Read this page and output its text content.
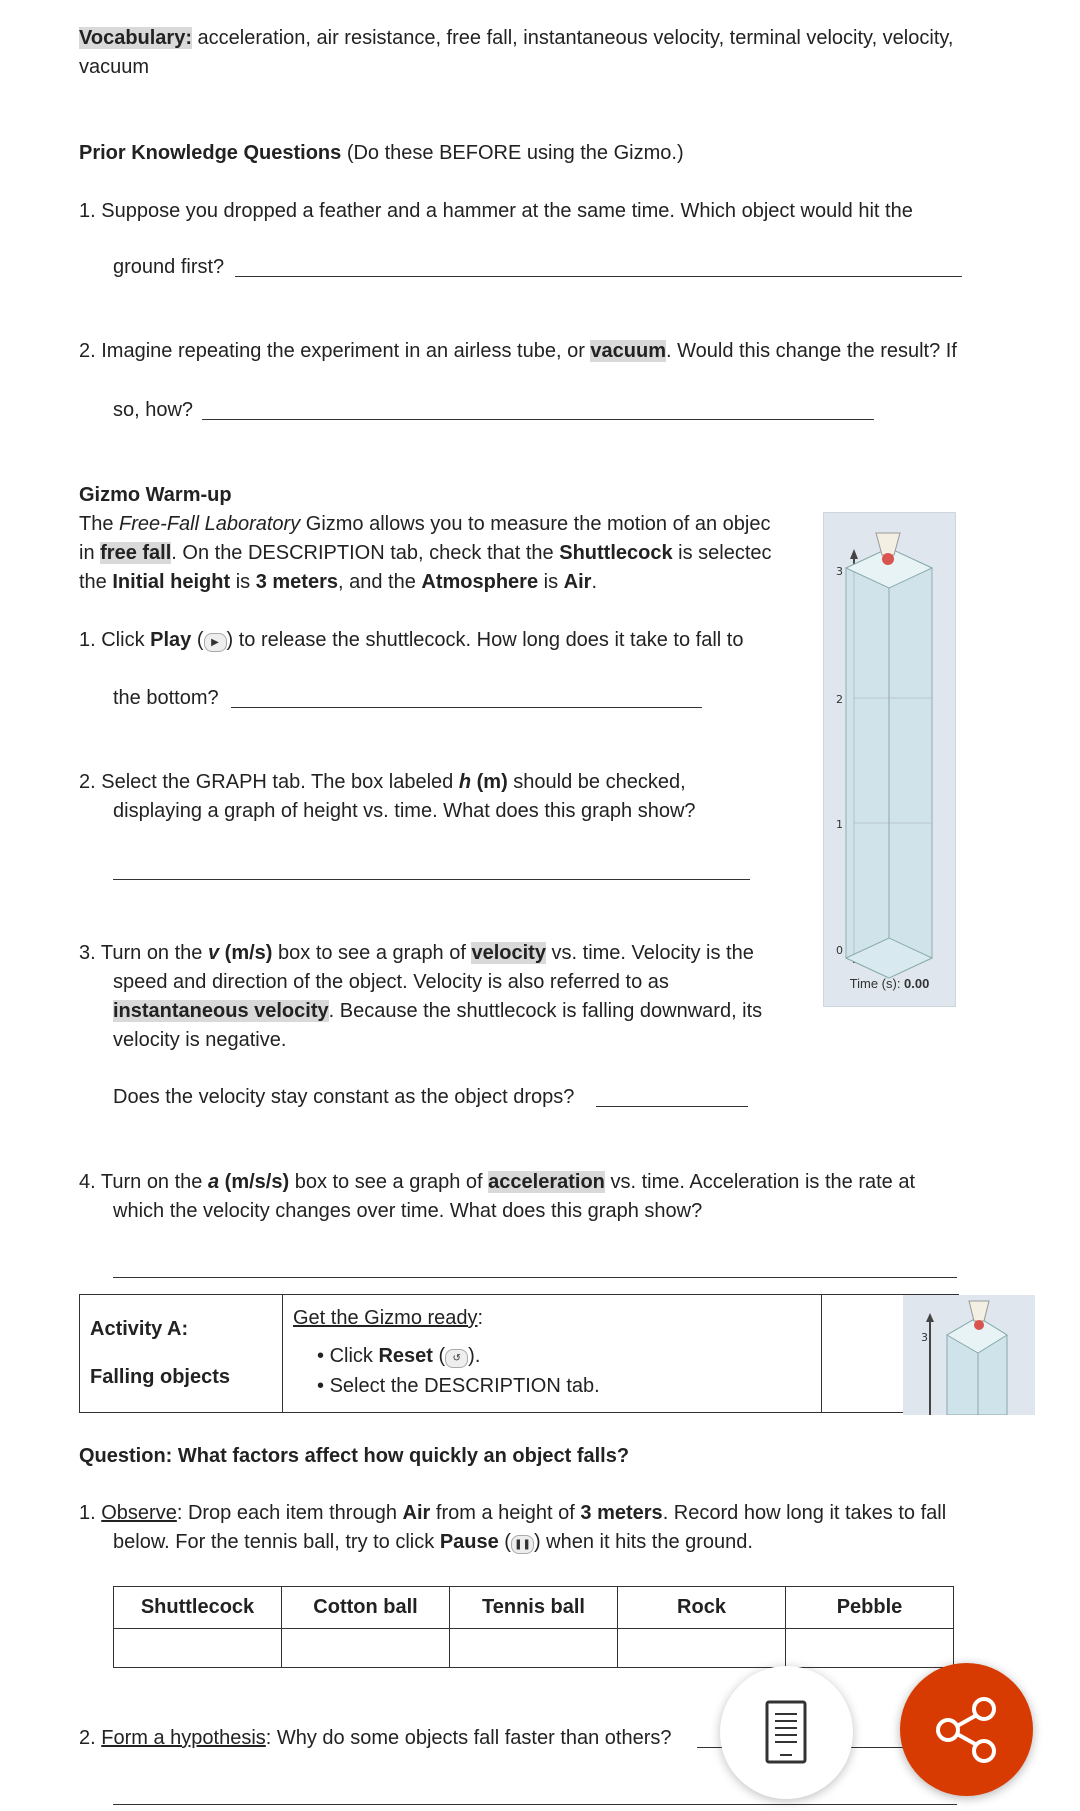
Vocabulary: acceleration, air resistance, free fall, instantaneous velocity, terminal velocity, velocity,
vacuum
Prior Knowledge Questions (Do these BEFORE using the Gizmo.)
1. Suppose you dropped a feather and a hammer at the same time. Which object would hit the
ground first?
2. Imagine repeating the experiment in an airless tube, or vacuum. Would this change the result? If
so, how?
Gizmo Warm-up
The Free-Fall Laboratory Gizmo allows you to measure the motion of an objec
in free fall. On the DESCRIPTION tab, check that the Shuttlecock is selectec
the Initial height is 3 meters, and the Atmosphere is Air.
1. Click Play ( ▶ ) to release the shuttlecock. How long does it take to fall to
the bottom?
2. Select the GRAPH tab. The box labeled h (m) should be checked,
displaying a graph of height vs. time. What does this graph show?
3. Turn on the v (m/s) box to see a graph of velocity vs. time. Velocity is the
speed and direction of the object. Velocity is also referred to as
instantaneous velocity. Because the shuttlecock is falling downward, its
velocity is negative.
Does the velocity stay constant as the object drops?
4. Turn on the a (m/s/s) box to see a graph of acceleration vs. time. Acceleration is the rate at
which the velocity changes over time. What does this graph show?
3
2
1
0
Time (s): 0.00
Activity A:
Falling objects
Get the Gizmo ready:
• Click Reset ( ↺ ).
• Select the DESCRIPTION tab.
3
Question: What factors affect how quickly an object falls?
1. Observe: Drop each item through Air from a height of 3 meters. Record how long it takes to fall
below. For the tennis ball, try to click Pause ( ❚❚ ) when it hits the ground.
Shuttlecock	Cotton ball	Tennis ball	Rock	Pebble

2. Form a hypothesis: Why do some objects fall faster than others?
